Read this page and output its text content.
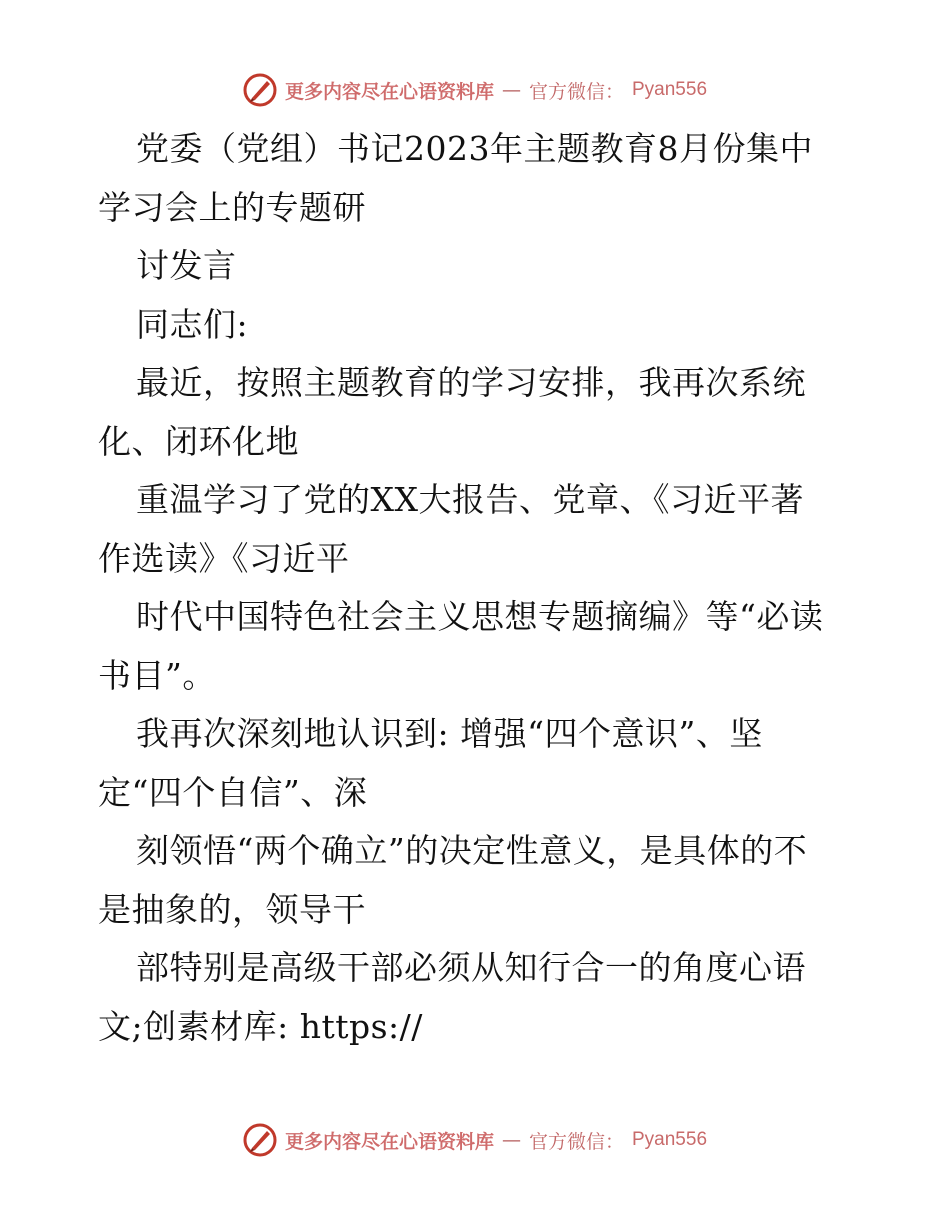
更多内容尽在心语资料库 — 官方微信： Pyan556
党委（党组）书记2023年主题教育8月份集中
学习会上的专题研
讨发言
同志们:
最近，按照主题教育的学习安排，我再次系统
化、闭环化地
重温学习了党的XX大报告、党章、《习近平著
作选读》《习近平
时代中国特色社会主义思想专题摘编》等“必读
书目”。
我再次深刻地认识到: 增强“四个意识”、坚
定“四个自信”、深
刻领悟“两个确立”的决定性意义，是具体的不
是抽象的，领导干
部特别是高级干部必须从知行合一的角度心语
文;创素材库: https://
更多内容尽在心语资料库 — 官方微信： Pyan556
